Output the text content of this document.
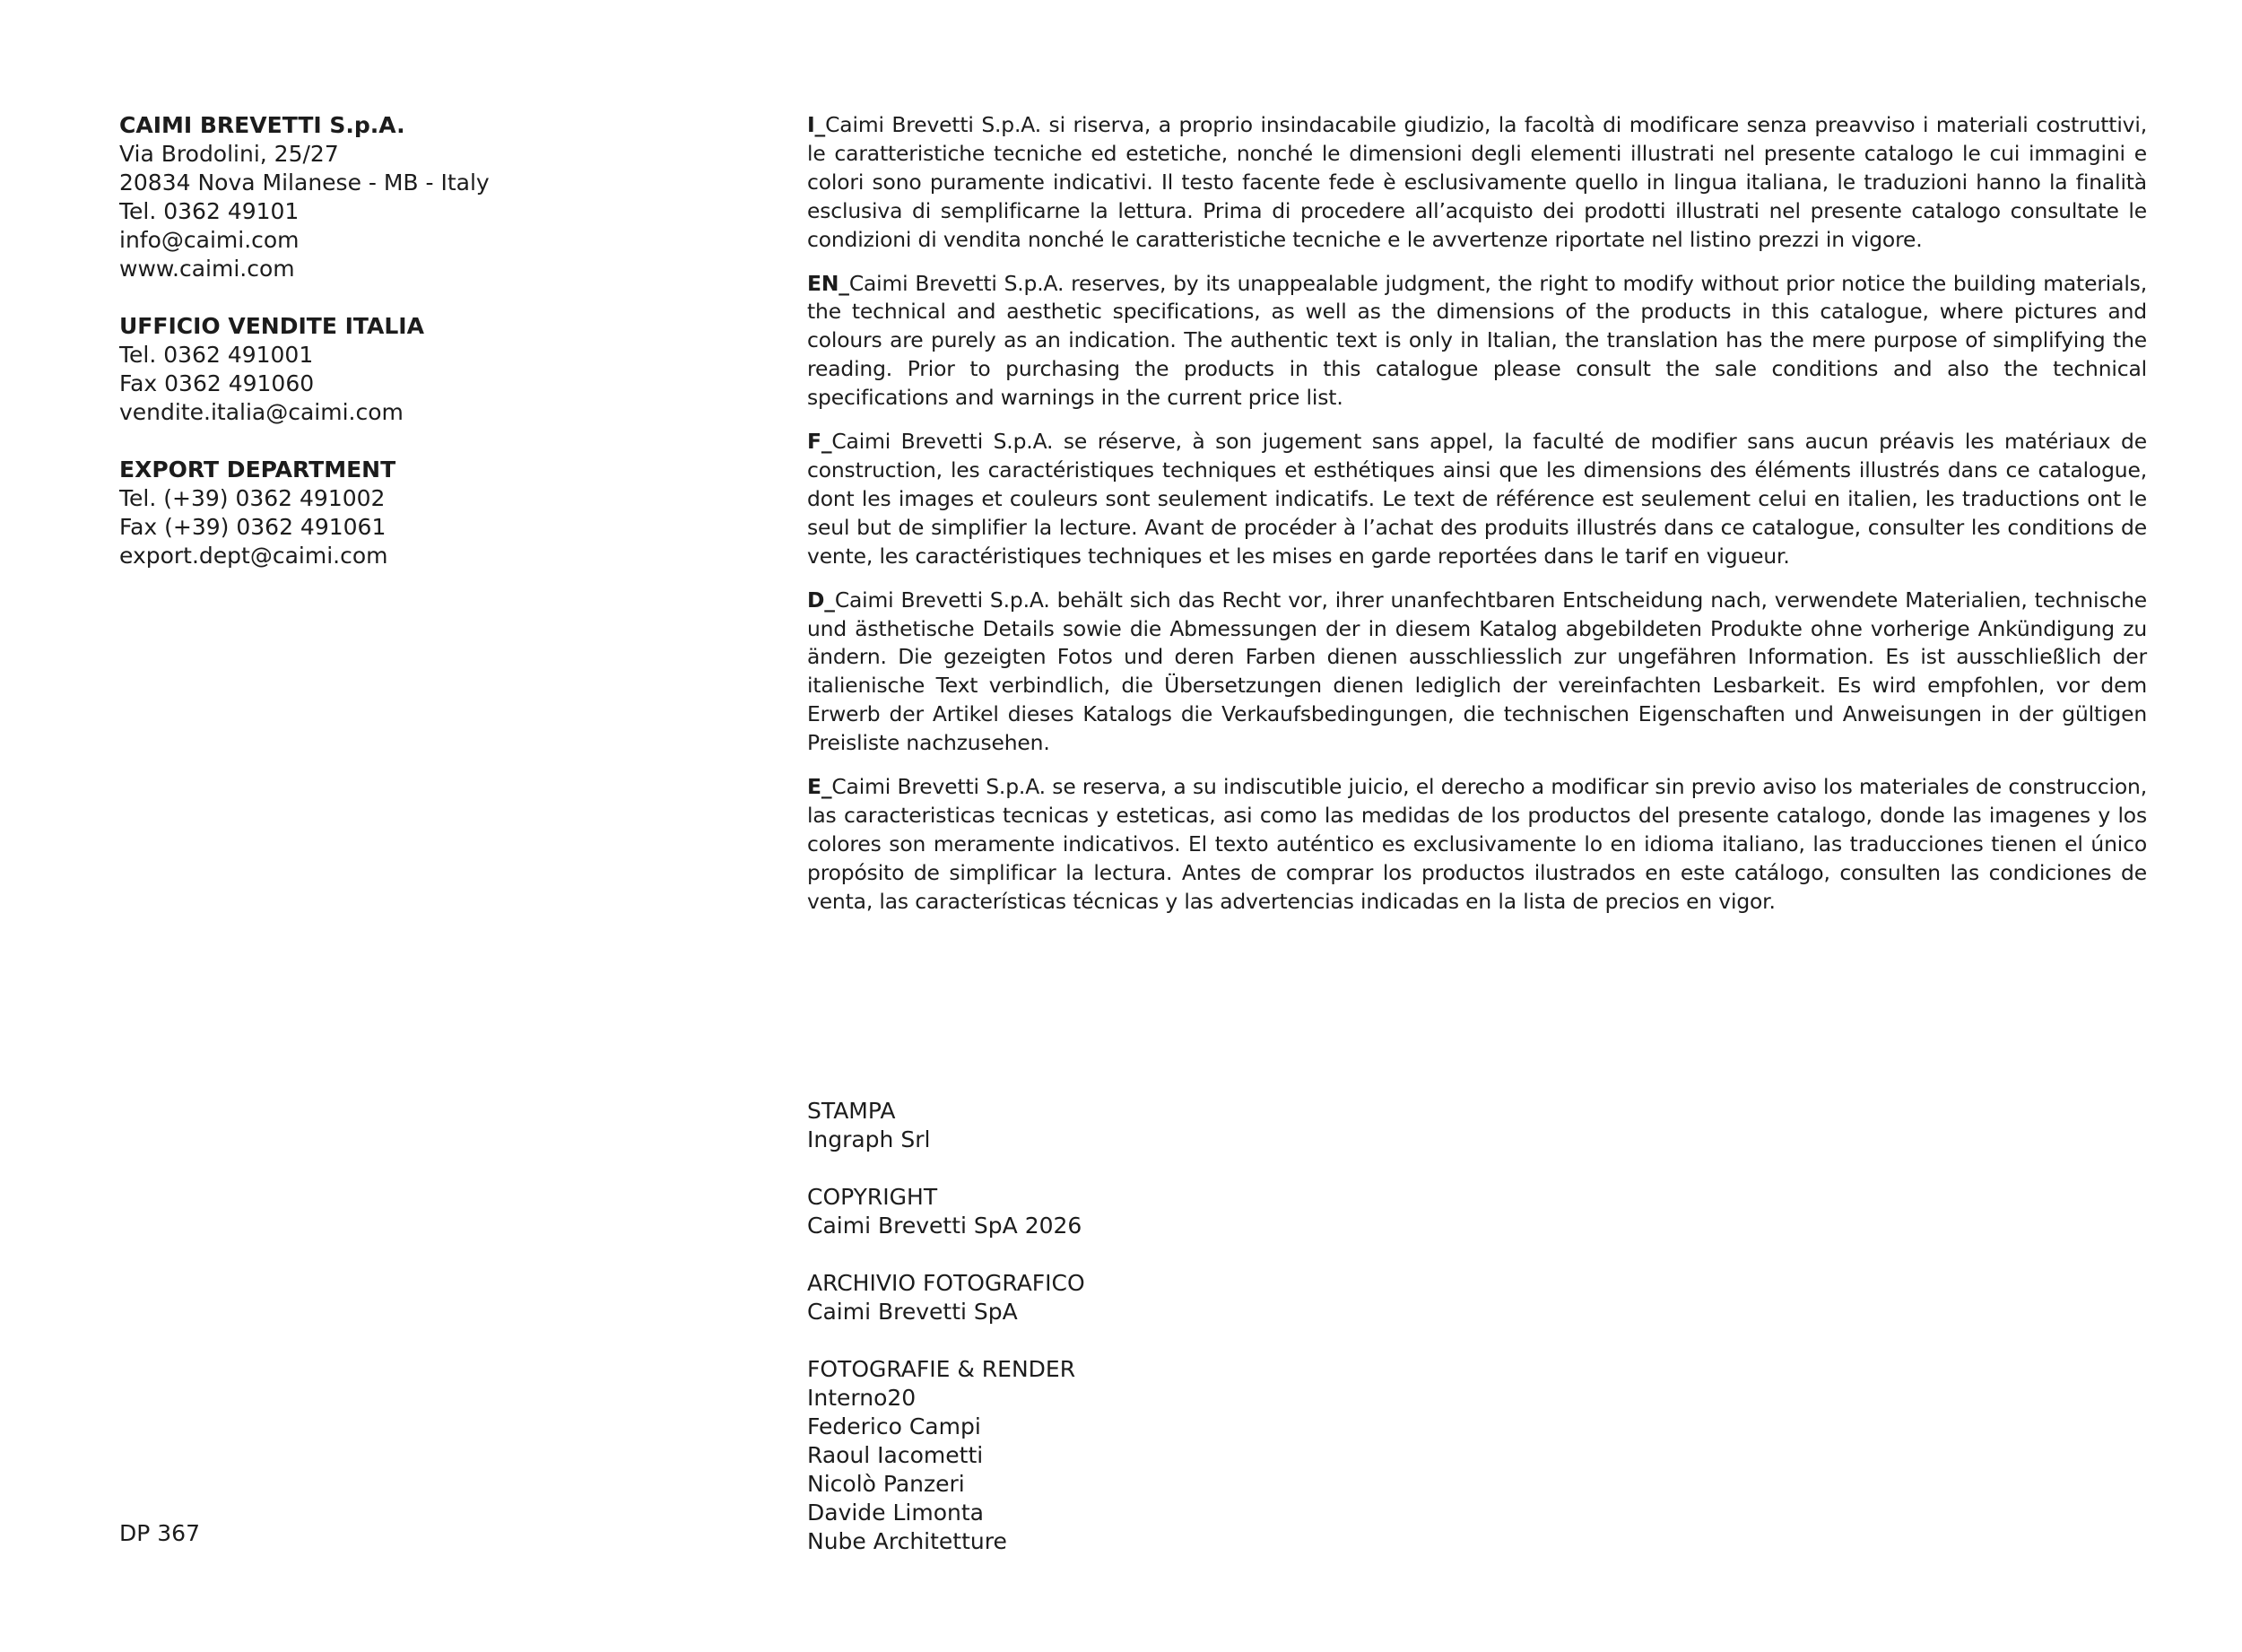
CAIMI BREVETTI S.p.A.
Via Brodolini, 25/27
20834 Nova Milanese - MB - Italy
Tel. 0362 49101
info@caimi.com
www.caimi.com
UFFICIO VENDITE ITALIA
Tel. 0362 491001
Fax 0362 491060
vendite.italia@caimi.com
EXPORT DEPARTMENT
Tel. (+39) 0362 491002
Fax (+39) 0362 491061
export.dept@caimi.com
DP 367

I_Caimi Brevetti S.p.A. si riserva, a proprio insindacabile giudizio, la facoltà di modificare senza preavviso i materiali costruttivi, le caratteristiche tecniche ed estetiche, nonché le dimensioni degli elementi illustrati nel presente catalogo le cui immagini e colori sono puramente indicativi. Il testo facente fede è esclusivamente quello in lingua italiana, le traduzioni hanno la finalità esclusiva di semplificarne la lettura. Prima di procedere all’acquisto dei prodotti illustrati nel presente catalogo consultate le condizioni di vendita nonché le caratteristiche tecniche e le avvertenze riportate nel listino prezzi in vigore.

EN_Caimi Brevetti S.p.A. reserves, by its unappealable judgment, the right to modify without prior notice the building materials, the technical and aesthetic specifications, as well as the dimensions of the products in this catalogue, where pictures and colours are purely as an indication. The authentic text is only in Italian, the translation has the mere purpose of simplifying the reading. Prior to purchasing the products in this catalogue please consult the sale conditions and also the technical specifications and warnings in the current price list.

F_Caimi Brevetti S.p.A. se réserve, à son jugement sans appel, la faculté de modifier sans aucun préavis les matériaux de construction, les caractéristiques techniques et esthétiques ainsi que les dimensions des éléments illustrés dans ce catalogue, dont les images et couleurs sont seulement indicatifs. Le text de référence est seulement celui en italien, les traductions ont le seul but de simplifier la lecture. Avant de procéder à l’achat des produits illustrés dans ce catalogue, consulter les conditions de vente, les caractéristiques techniques et les mises en garde reportées dans le tarif en vigueur.

D_Caimi Brevetti S.p.A. behält sich das Recht vor, ihrer unanfechtbaren Entscheidung nach, verwendete Materialien, technische und ästhetische Details sowie die Abmessungen der in diesem Katalog abgebildeten Produkte ohne vorherige Ankündigung zu ändern. Die gezeigten Fotos und deren Farben dienen ausschliesslich zur ungefähren Information. Es ist ausschließlich der italienische Text verbindlich, die Übersetzungen dienen lediglich der vereinfachten Lesbarkeit. Es wird empfohlen, vor dem Erwerb der Artikel dieses Katalogs die Verkaufsbedingungen, die technischen Eigenschaften und Anweisungen in der gültigen Preisliste nachzusehen.

E_Caimi Brevetti S.p.A. se reserva, a su indiscutible juicio, el derecho a modificar sin previo aviso los materiales de construccion, las caracteristicas tecnicas y esteticas, asi como las medidas de los productos del presente catalogo, donde las imagenes y los colores son meramente indicativos. El texto auténtico es exclusivamente lo en idioma italiano, las traducciones tienen el único propósito de simplificar la lectura. Antes de comprar los productos ilustrados en este catálogo, consulten las condiciones de venta, las características técnicas y las advertencias indicadas en la lista de precios en vigor.

STAMPA
Ingraph Srl
COPYRIGHT
Caimi Brevetti SpA 2026
ARCHIVIO FOTOGRAFICO
Caimi Brevetti SpA
FOTOGRAFIE & RENDER
Interno20
Federico Campi
Raoul Iacometti
Nicolò Panzeri
Davide Limonta
Nube Architetture
